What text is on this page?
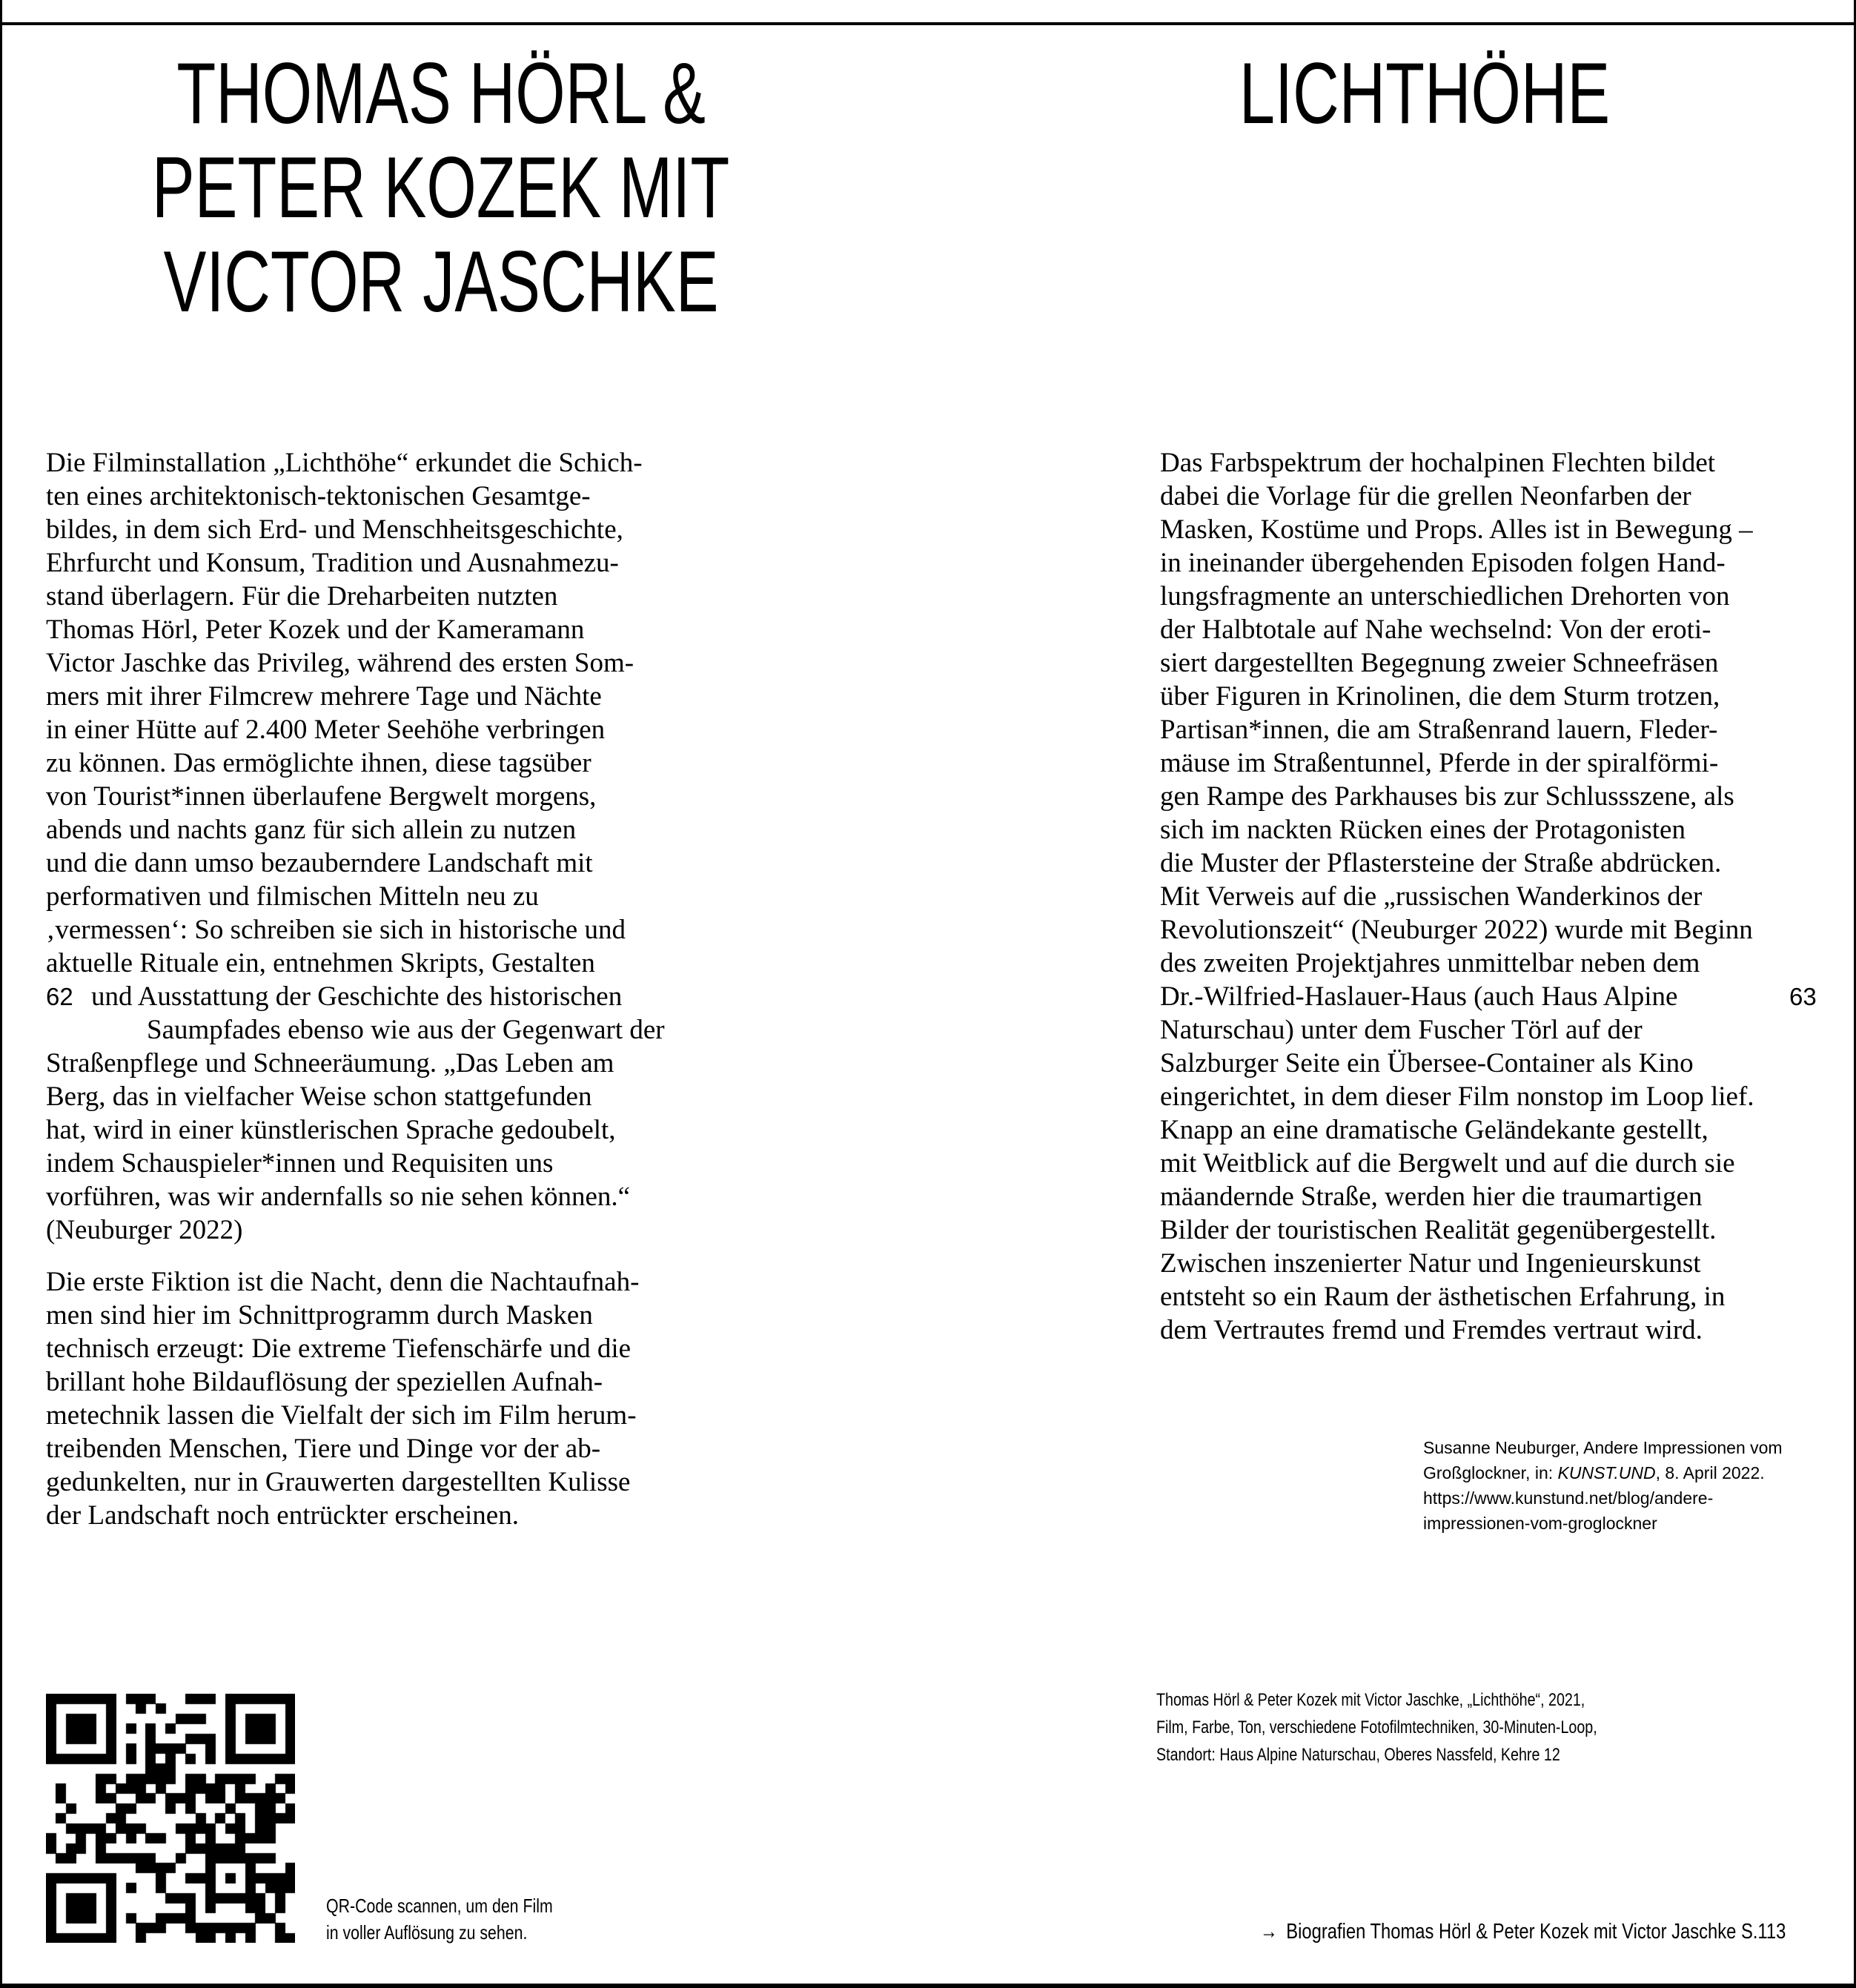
THOMAS HÖRL &
PETER KOZEK MIT
VICTOR JASCHKE
LICHTHÖHE
Die Filminstallation „Lichthöhe“ erkundet die Schich-
ten eines architektonisch-tektonischen Gesamtge-
bildes, in dem sich Erd- und Menschheitsgeschichte,
Ehrfurcht und Konsum, Tradition und Ausnahmezu-
stand überlagern. Für die Dreharbeiten nutzten
Thomas Hörl, Peter Kozek und der Kameramann
Victor Jaschke das Privileg, während des ersten Som-
mers mit ihrer Filmcrew mehrere Tage und Nächte
in einer Hütte auf 2.400 Meter Seehöhe verbringen
zu können. Das ermöglichte ihnen, diese tagsüber
von Tourist*innen überlaufene Bergwelt morgens,
abends und nachts ganz für sich allein zu nutzen
und die dann umso bezauberndere Landschaft mit
performativen und filmischen Mitteln neu zu
‚vermessen‘: So schreiben sie sich in historische und
aktuelle Rituale ein, entnehmen Skripts, Gestalten
62 und Ausstattung der Geschichte des historischen
Saumpfades ebenso wie aus der Gegenwart der
Straßenpflege und Schneeräumung. „Das Leben am
Berg, das in vielfacher Weise schon stattgefunden
hat, wird in einer künstlerischen Sprache gedoubelt,
indem Schauspieler*innen und Requisiten uns
vorführen, was wir andernfalls so nie sehen können.“
(Neuburger 2022)
Die erste Fiktion ist die Nacht, denn die Nachtaufnah-
men sind hier im Schnittprogramm durch Masken
technisch erzeugt: Die extreme Tiefenschärfe und die
brillant hohe Bildauflösung der speziellen Aufnah-
metechnik lassen die Vielfalt der sich im Film herum-
treibenden Menschen, Tiere und Dinge vor der ab-
gedunkelten, nur in Grauwerten dargestellten Kulisse
der Landschaft noch entrückter erscheinen.
Das Farbspektrum der hochalpinen Flechten bildet
dabei die Vorlage für die grellen Neonfarben der
Masken, Kostüme und Props. Alles ist in Bewegung –
in ineinander übergehenden Episoden folgen Hand-
lungsfragmente an unterschiedlichen Drehorten von
der Halbtotale auf Nahe wechselnd: Von der eroti-
siert dargestellten Begegnung zweier Schneefräsen
über Figuren in Krinolinen, die dem Sturm trotzen,
Partisan*innen, die am Straßenrand lauern, Fleder-
mäuse im Straßentunnel, Pferde in der spiralförmi-
gen Rampe des Parkhauses bis zur Schlussszene, als
sich im nackten Rücken eines der Protagonisten
die Muster der Pflastersteine der Straße abdrücken.
Mit Verweis auf die „russischen Wanderkinos der
Revolutionszeit“ (Neuburger 2022) wurde mit Beginn
des zweiten Projektjahres unmittelbar neben dem
Dr.-Wilfried-Haslauer-Haus (auch Haus Alpine	63
Naturschau) unter dem Fuscher Törl auf der
Salzburger Seite ein Übersee-Container als Kino
eingerichtet, in dem dieser Film nonstop im Loop lief.
Knapp an eine dramatische Geländekante gestellt,
mit Weitblick auf die Bergwelt und auf die durch sie
mäandernde Straße, werden hier die traumartigen
Bilder der touristischen Realität gegenübergestellt.
Zwischen inszenierter Natur und Ingenieurskunst
entsteht so ein Raum der ästhetischen Erfahrung, in
dem Vertrautes fremd und Fremdes vertraut wird.
Susanne Neuburger, Andere Impressionen vom
Großglockner, in: KUNST.UND, 8. April 2022.
https://www.kunstund.net/blog/andere-
impressionen-vom-groglockner
Thomas Hörl & Peter Kozek mit Victor Jaschke, „Lichthöhe“, 2021,
Film, Farbe, Ton, verschiedene Fotofilmtechniken, 30-Minuten-Loop,
Standort: Haus Alpine Naturschau, Oberes Nassfeld, Kehre 12
QR-Code scannen, um den Film
in voller Auflösung zu sehen.	→ Biografien Thomas Hörl & Peter Kozek mit Victor Jaschke S.113
